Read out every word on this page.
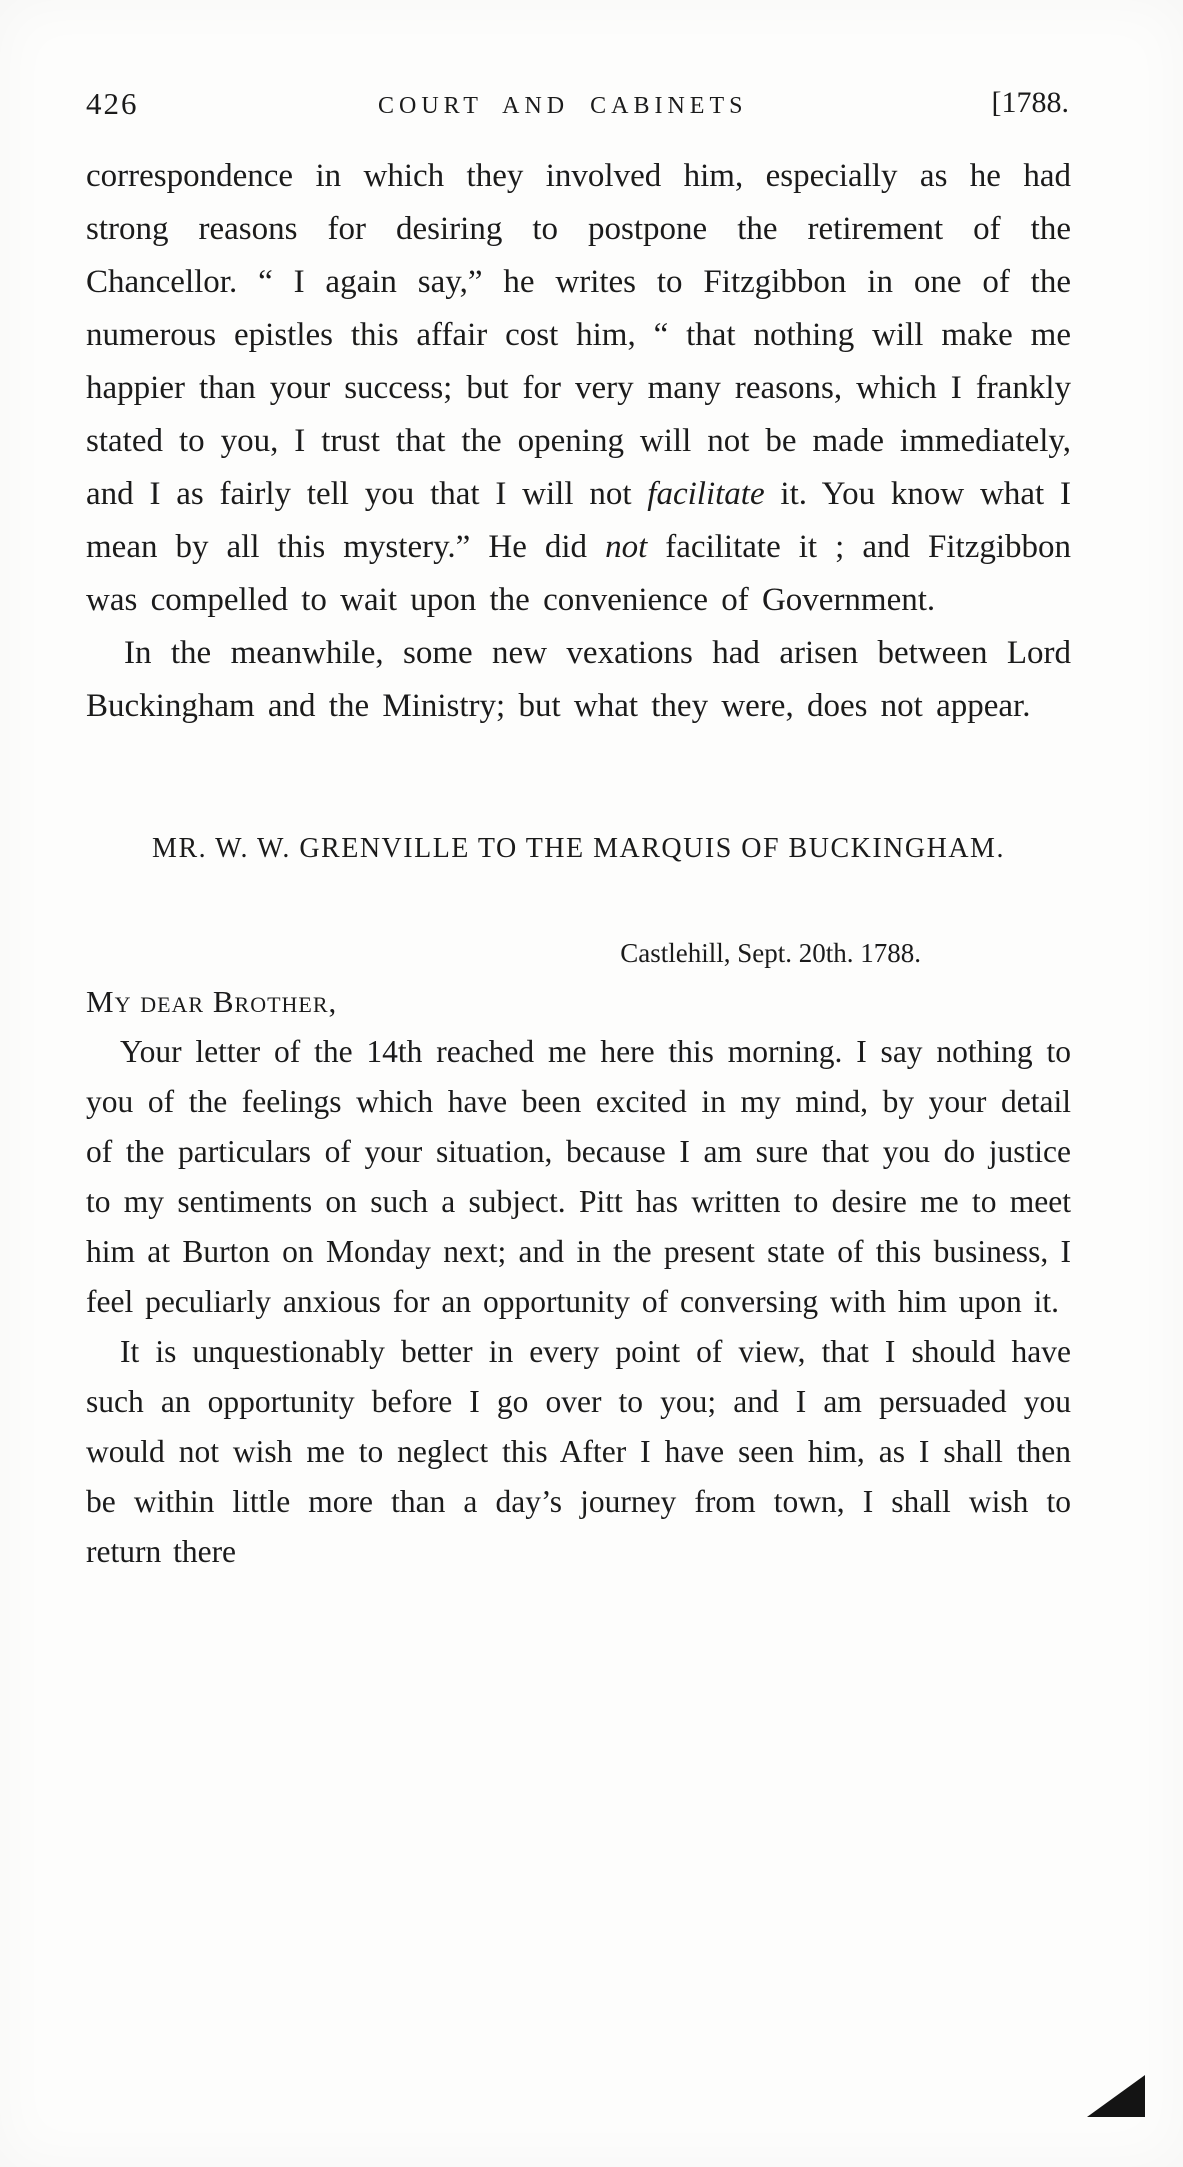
426	COURT AND CABINETS	[1788.

correspondence in which they involved him, especially as he had strong reasons for desiring to postpone the retirement of the Chancellor. “ I again say,” he writes to Fitzgibbon in one of the numerous epistles this affair cost him, “ that nothing will make me happier than your success; but for very many reasons, which I frankly stated to you, I trust that the opening will not be made immediately, and I as fairly tell you that I will not facilitate it. You know what I mean by all this mystery.” He did not facilitate it ; and Fitzgibbon was compelled to wait upon the convenience of Government.

In the meanwhile, some new vexations had arisen between Lord Buckingham and the Ministry; but what they were, does not appear.

MR. W. W. GRENVILLE TO THE MARQUIS OF BUCKINGHAM.

Castlehill, Sept. 20th. 1788.

My dear Brother,

Your letter of the 14th reached me here this morning. I say nothing to you of the feelings which have been excited in my mind, by your detail of the particulars of your situation, because I am sure that you do justice to my sentiments on such a subject. Pitt has written to desire me to meet him at Burton on Monday next; and in the present state of this business, I feel peculiarly anxious for an opportunity of conversing with him upon it.

It is unquestionably better in every point of view, that I should have such an opportunity before I go over to you; and I am persuaded you would not wish me to neglect this After I have seen him, as I shall then be within little more than a day’s journey from town, I shall wish to return there
